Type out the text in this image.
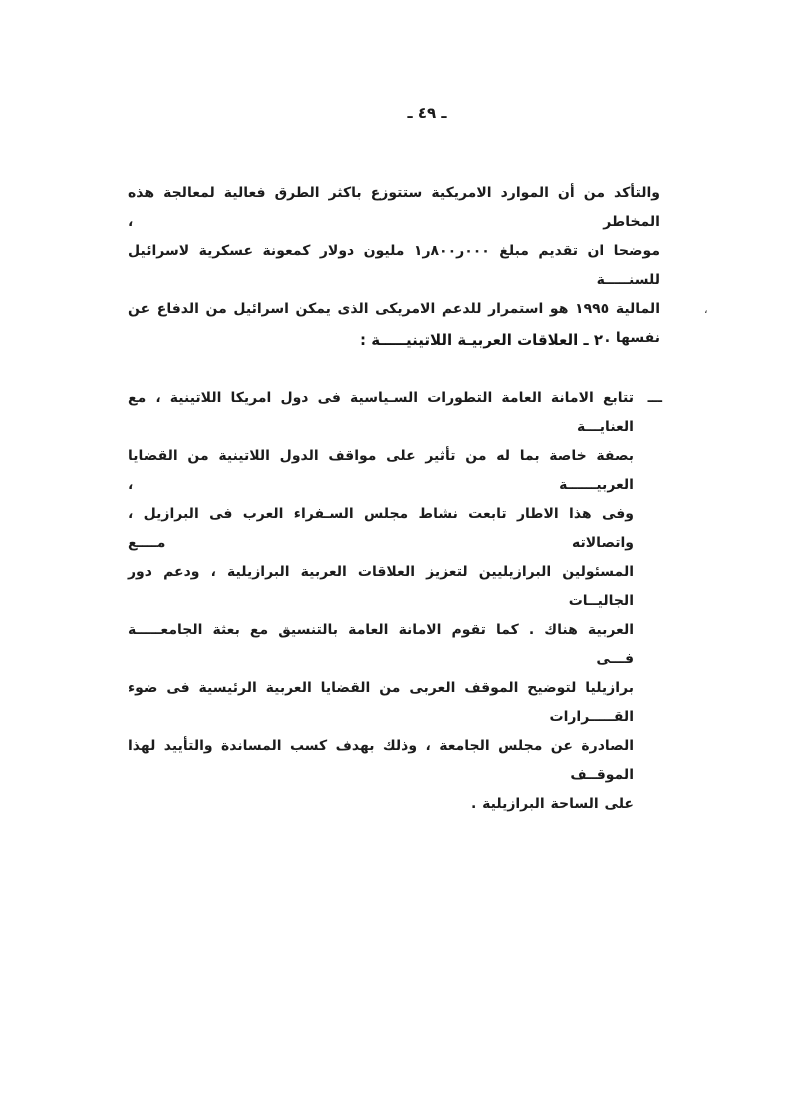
ـ ٤٩ ـ
والتأكد من أن الموارد الامريكية ستتوزع باكثر الطرق فعالية لمعالجة هذه المخاطر ،
موضحا ان تقديم مبلغ ٠٠٠ر٨٠٠ر١ مليون دولار كمعونة عسكرية لاسرائيل للسنـــــة
المالية ١٩٩٥ هو استمرار للدعم الامريكى الذى يمكن اسرائيل من الدفاع عن نفسها .
،
٢ ـ العلاقات العربيـة اللاتينيـــــة :
ـــ
تتابع الامانة العامة التطورات السـياسية فى دول امريكا اللاتينية ، مع العنايـــة
بصفة خاصة بما له من تأثير على مواقف الدول اللاتينية من القضايا العربيــــــة ،
وفى هذا الاطار تابعت نشاط مجلس السـفراء العرب فى البرازيل ، واتصالاته مــــع
المسئولين البرازيليين لتعزيز العلاقات العربية البرازيلية ، ودعم دور الجاليــات
العربية هناك . كما تقوم الامانة العامة بالتنسيق مع بعثة الجامعـــــة فـــى
برازيليا لتوضيح الموقف العربى من القضايا العربية الرئيسية فى ضوء القـــــرارات
الصادرة عن مجلس الجامعة ، وذلك بهدف كسب المساندة والتأييد لهذا الموقــف
على الساحة البرازيلية .
